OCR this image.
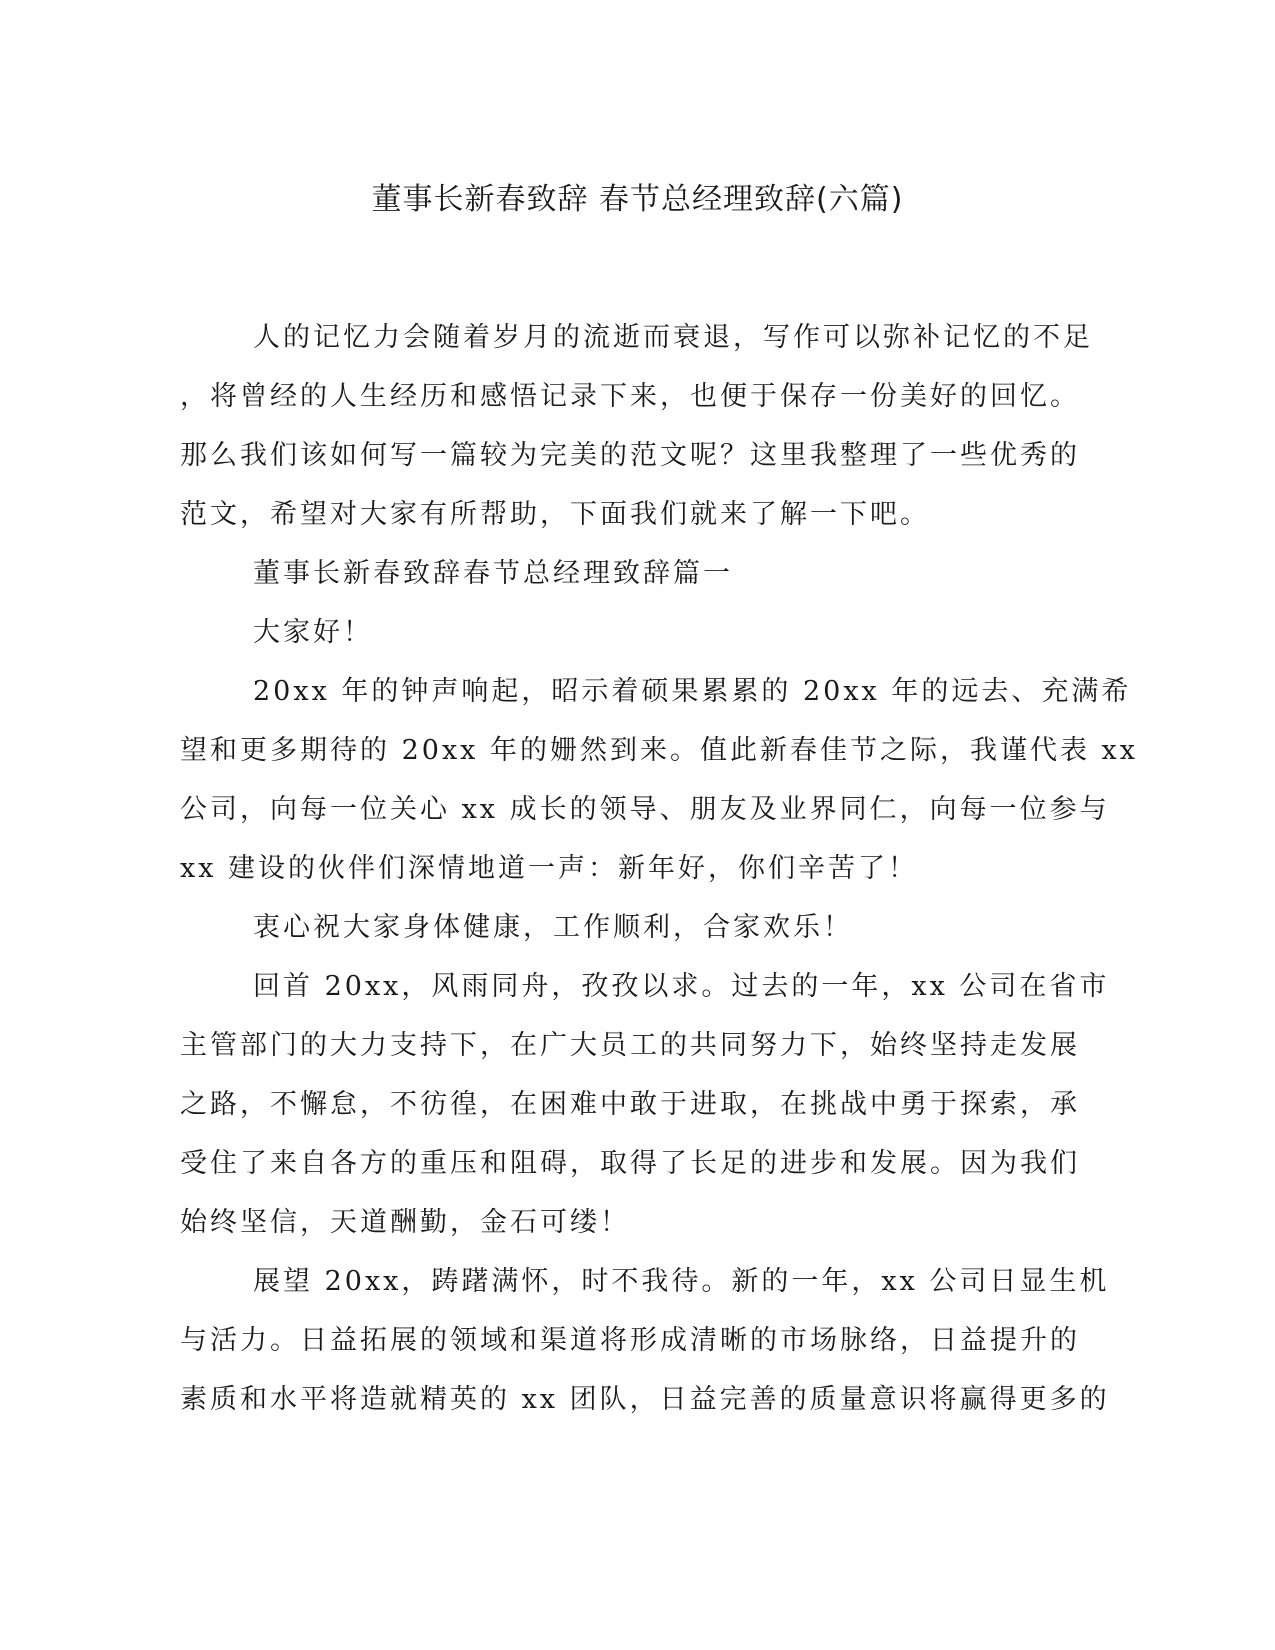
董事长新春致辞 春节总经理致辞(六篇)
人的记忆力会随着岁月的流逝而衰退，写作可以弥补记忆的不足
，将曾经的人生经历和感悟记录下来，也便于保存一份美好的回忆。
那么我们该如何写一篇较为完美的范文呢？这里我整理了一些优秀的
范文，希望对大家有所帮助，下面我们就来了解一下吧。
董事长新春致辞春节总经理致辞篇一
大家好！
20xx 年的钟声响起，昭示着硕果累累的 20xx 年的远去、充满希
望和更多期待的 20xx 年的姗然到来。值此新春佳节之际，我谨代表 xx
公司，向每一位关心 xx 成长的领导、朋友及业界同仁，向每一位参与
xx 建设的伙伴们深情地道一声：新年好，你们辛苦了！
衷心祝大家身体健康，工作顺利，合家欢乐！
回首 20xx，风雨同舟，孜孜以求。过去的一年，xx 公司在省市
主管部门的大力支持下，在广大员工的共同努力下，始终坚持走发展
之路，不懈怠，不彷徨，在困难中敢于进取，在挑战中勇于探索，承
受住了来自各方的重压和阻碍，取得了长足的进步和发展。因为我们
始终坚信，天道酬勤，金石可缕！
展望 20xx，踌躇满怀，时不我待。新的一年，xx 公司日显生机
与活力。日益拓展的领域和渠道将形成清晰的市场脉络，日益提升的
素质和水平将造就精英的 xx 团队，日益完善的质量意识将赢得更多的
